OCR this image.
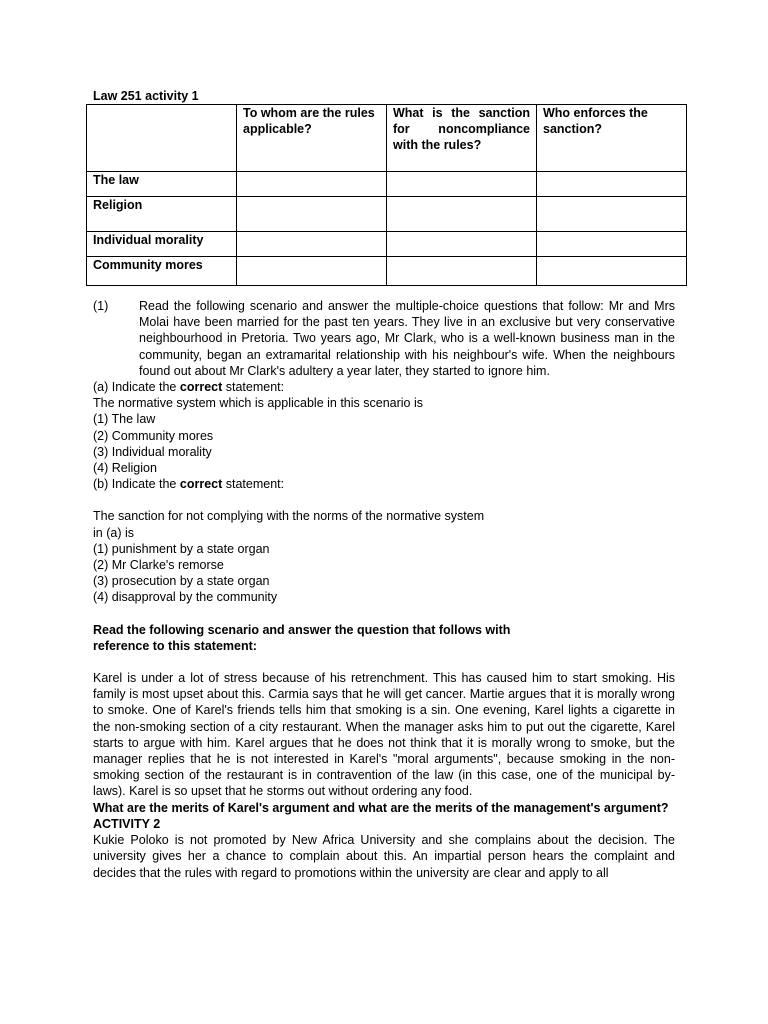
Law 251 activity 1

	To whom are the rules applicable?	What is the sanction for noncompliance with the rules?	Who enforces the sanction?
The law			
Religion			
Individual morality			
Community mores			
(1)	Read the following scenario and answer the multiple-choice questions that follow: Mr and Mrs Molai have been married for the past ten years. They live in an exclusive but very conservative neighbourhood in Pretoria. Two years ago, Mr Clark, who is a well-known business man in the community, began an extramarital relationship with his neighbour's wife. When the neighbours found out about Mr Clark's adultery a year later, they started to ignore him.

(a) Indicate the correct statement:

The normative system which is applicable in this scenario is

(1) The law

(2) Community mores

(3) Individual morality

(4) Religion

(b) Indicate the correct statement:

The sanction for not complying with the norms of the normative system

in (a) is

(1) punishment by a state organ

(2) Mr Clarke's remorse

(3) prosecution by a state organ

(4) disapproval by the community

Read the following scenario and answer the question that follows with

reference to this statement:

Karel is under a lot of stress because of his retrenchment. This has caused him to start smoking. His family is most upset about this. Carmia says that he will get cancer. Martie argues that it is morally wrong to smoke. One of Karel's friends tells him that smoking is a sin. One evening, Karel lights a cigarette in the non-smoking section of a city restaurant. When the manager asks him to put out the cigarette, Karel starts to argue with him. Karel argues that he does not think that it is morally wrong to smoke, but the manager replies that he is not interested in Karel's "moral arguments", because smoking in the non-smoking section of the restaurant is in contravention of the law (in this case, one of the municipal by-laws). Karel is so upset that he storms out without ordering any food.

What are the merits of Karel's argument and what are the merits of the management's argument?

ACTIVITY 2

Kukie Poloko is not promoted by New Africa University and she complains about the decision. The university gives her a chance to complain about this. An impartial person hears the complaint and decides that the rules with regard to promotions within the university are clear and apply to all
